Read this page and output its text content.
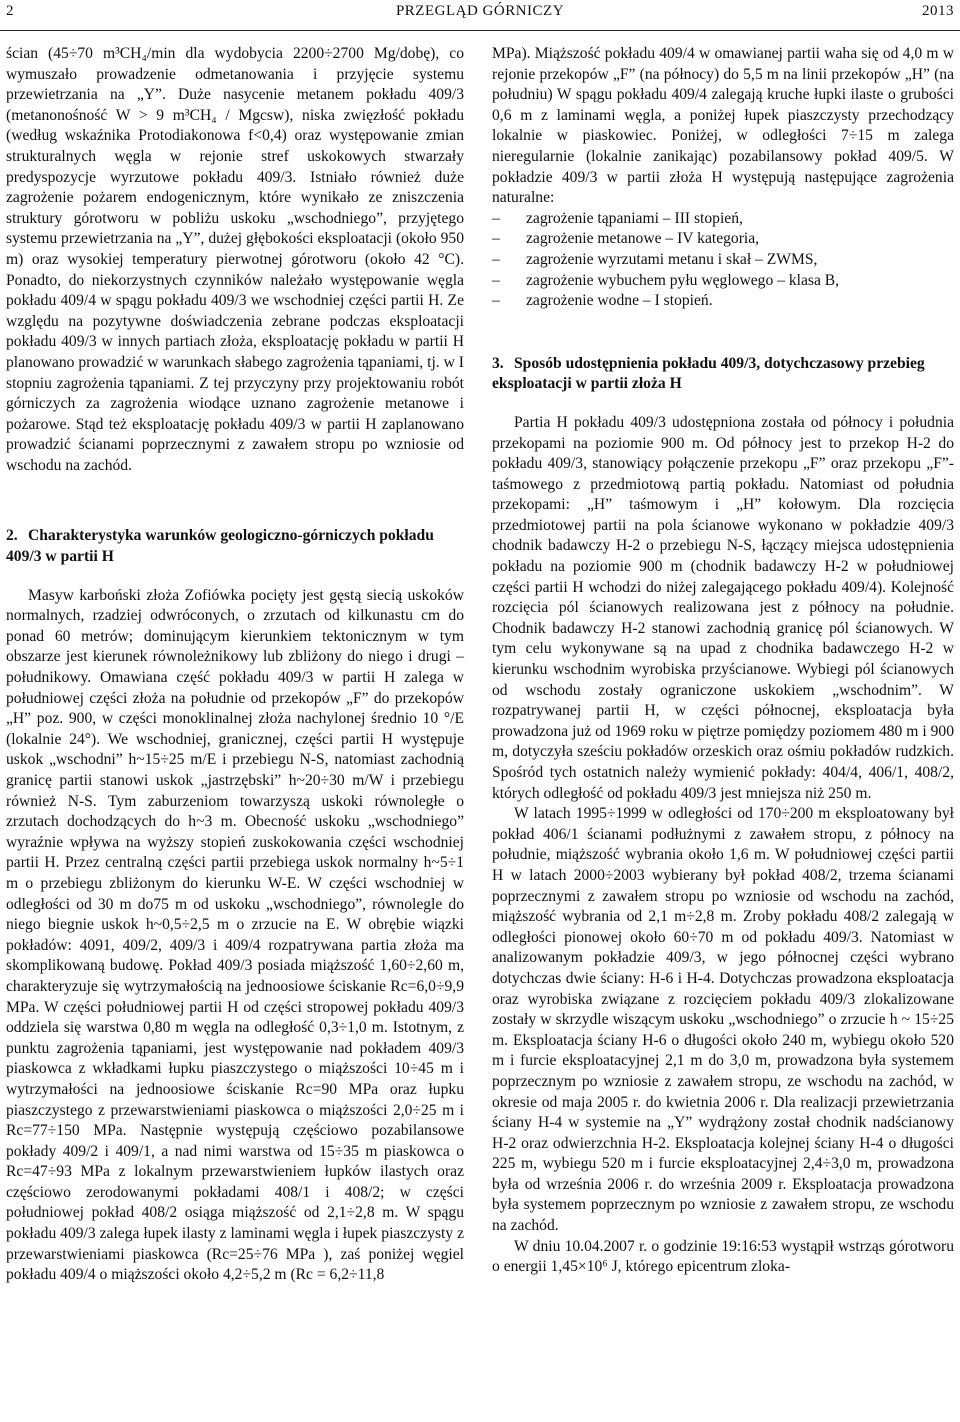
2	PRZEGLĄD GÓRNICZY	2013

ścian (45÷70 m³CH₄/min dla wydobycia 2200÷2700 Mg/dobę), co wymuszało prowadzenie odmetanowania i przyjęcie systemu przewietrzania na „Y”. Duże nasycenie metanem pokładu 409/3 (metanonośność W > 9 m³CH₄ / Mgcsw), niska zwięzłość pokładu (według wskaźnika Protodiakonowa f<0,4) oraz występowanie zmian strukturalnych węgla w rejonie stref uskokowych stwarzały predyspozycje wyrzutowe pokładu 409/3. Istniało również duże zagrożenie pożarem endogenicznym, które wynikało ze zniszczenia struktury górotworu w pobliżu uskoku „wschodniego”, przyjętego systemu przewietrzania na „Y”, dużej głębokości eksploatacji (około 950 m) oraz wysokiej temperatury pierwotnej górotworu (około 42 °C). Ponadto, do niekorzystnych czynników należało występowanie węgla pokładu 409/4 w spągu pokładu 409/3 we wschodniej części partii H. Ze względu na pozytywne doświadczenia zebrane podczas eksploatacji pokładu 409/3 w innych partiach złoża, eksploatację pokładu w partii H planowano prowadzić w warunkach słabego zagrożenia tąpaniami, tj. w I stopniu zagrożenia tąpaniami. Z tej przyczyny przy projektowaniu robót górniczych za zagrożenia wiodące uznano zagrożenie metanowe i pożarowe. Stąd też eksploatację pokładu 409/3 w partii H zaplanowano prowadzić ścianami poprzecznymi z zawałem stropu po wzniosie od wschodu na zachód.

2. Charakterystyka warunków geologiczno-górniczych pokładu 409/3 w partii H

Masyw karboński złoża Zofiówka pocięty jest gęstą siecią uskoków normalnych, rzadziej odwróconych, o zrzutach od kilkunastu cm do ponad 60 metrów; dominującym kierunkiem tektonicznym w tym obszarze jest kierunek równoleżnikowy lub zbliżony do niego i drugi – południkowy. Omawiana część pokładu 409/3 w partii H zalega w południowej części złoża na południe od przekopów „F” do przekopów „H” poz. 900, w części monoklinalnej złoża nachylonej średnio 10 °/E (lokalnie 24°). We wschodniej, granicznej, części partii H występuje uskok „wschodni” h~15÷25 m/E i przebiegu N-S, natomiast zachodnią granicę partii stanowi uskok „jastrzębski” h~20÷30 m/W i przebiegu również N-S. Tym zaburzeniom towarzyszą uskoki równoległe o zrzutach dochodzących do h~3 m. Obecność uskoku „wschodniego” wyraźnie wpływa na wyższy stopień zuskokowania części wschodniej partii H. Przez centralną części partii przebiega uskok normalny h~5÷1 m o przebiegu zbliżonym do kierunku W-E. W części wschodniej w odległości od 30 m do75 m od uskoku „wschodniego”, równolegle do niego biegnie uskok h~0,5÷2,5 m o zrzucie na E. W obrębie wiązki pokładów: 4091, 409/2, 409/3 i 409/4 rozpatrywana partia złoża ma skomplikowaną budowę. Pokład 409/3 posiada miąższość 1,60÷2,60 m, charakteryzuje się wytrzymałością na jednoosiowe ściskanie Rc=6,0÷9,9 MPa. W części południowej partii H od części stropowej pokładu 409/3 oddziela się warstwa 0,80 m węgla na odległość 0,3÷1,0 m. Istotnym, z punktu zagrożenia tąpaniami, jest występowanie nad pokładem 409/3 piaskowca z wkładkami łupku piaszczystego o miąższości 10÷45 m i wytrzymałości na jednoosiowe ściskanie Rc=90 MPa oraz łupku piaszczystego z przewarstwieniami piaskowca o miąższości 2,0÷25 m i Rc=77÷150 MPa. Następnie występują częściowo pozabilansowe pokłady 409/2 i 409/1, a nad nimi warstwa od 15÷35 m piaskowca o Rc=47÷93 MPa z lokalnym przewarstwieniem łupków ilastych oraz częściowo zerodowanymi pokładami 408/1 i 408/2; w części południowej pokład 408/2 osiąga miąższość od 2,1÷2,8 m. W spągu pokładu 409/3 zalega łupek ilasty z laminami węgla i łupek piaszczysty z przewarstwieniami piaskowca (Rc=25÷76 MPa ), zaś poniżej węgiel pokładu 409/4 o miąższości około 4,2÷5,2 m (Rc = 6,2÷11,8

MPa). Miąższość pokładu 409/4 w omawianej partii waha się od 4,0 m w rejonie przekopów „F” (na północy) do 5,5 m na linii przekopów „H” (na południu) W spągu pokładu 409/4 zalegają kruche łupki ilaste o grubości 0,6 m z laminami węgla, a poniżej łupek piaszczysty przechodzący lokalnie w piaskowiec. Poniżej, w odległości 7÷15 m zalega nieregularnie (lokalnie zanikając) pozabilansowy pokład 409/5. W pokładzie 409/3 w partii złoża H występują następujące zagrożenia naturalne:

– zagrożenie tąpaniami – III stopień,
– zagrożenie metanowe – IV kategoria,
– zagrożenie wyrzutami metanu i skał – ZWMS,
– zagrożenie wybuchem pyłu węglowego – klasa B,
– zagrożenie wodne – I stopień.
3. Sposób udostępnienia pokładu 409/3, dotychczasowy przebieg eksploatacji w partii złoża H

Partia H pokładu 409/3 udostępniona została od północy i południa przekopami na poziomie 900 m. Od północy jest to przekop H-2 do pokładu 409/3, stanowiący połączenie przekopu „F” oraz przekopu „F”- taśmowego z przedmiotową partią pokładu. Natomiast od południa przekopami: „H” taśmowym i „H” kołowym. Dla rozcięcia przedmiotowej partii na pola ścianowe wykonano w pokładzie 409/3 chodnik badawczy H-2 o przebiegu N-S, łączący miejsca udostępnienia pokładu na poziomie 900 m (chodnik badawczy H-2 w południowej części partii H wchodzi do niżej zalegającego pokładu 409/4). Kolejność rozcięcia pól ścianowych realizowana jest z północy na południe. Chodnik badawczy H-2 stanowi zachodnią granicę pól ścianowych. W tym celu wykonywane są na upad z chodnika badawczego H-2 w kierunku wschodnim wyrobiska przyścianowe. Wybiegi pól ścianowych od wschodu zostały ograniczone uskokiem „wschodnim”. W rozpatrywanej partii H, w części północnej, eksploatacja była prowadzona już od 1969 roku w piętrze pomiędzy poziomem 480 m i 900 m, dotyczyła sześciu pokładów orzeskich oraz ośmiu pokładów rudzkich. Spośród tych ostatnich należy wymienić pokłady: 404/4, 406/1, 408/2, których odległość od pokładu 409/3 jest mniejsza niż 250 m.

W latach 1995÷1999 w odległości od 170÷200 m eksploatowany był pokład 406/1 ścianami podłużnymi z zawałem stropu, z północy na południe, miąższość wybrania około 1,6 m. W południowej części partii H w latach 2000÷2003 wybierany był pokład 408/2, trzema ścianami poprzecznymi z zawałem stropu po wzniosie od wschodu na zachód, miąższość wybrania od 2,1 m÷2,8 m. Zroby pokładu 408/2 zalegają w odległości pionowej około 60÷70 m od pokładu 409/3. Natomiast w analizowanym pokładzie 409/3, w jego północnej części wybrano dotychczas dwie ściany: H-6 i H-4. Dotychczas prowadzona eksploatacja oraz wyrobiska związane z rozcięciem pokładu 409/3 zlokalizowane zostały w skrzydle wiszącym uskoku „wschodniego” o zrzucie h ~ 15÷25 m. Eksploatacja ściany H-6 o długości około 240 m, wybiegu około 520 m i furcie eksploatacyjnej 2,1 m do 3,0 m, prowadzona była systemem poprzecznym po wzniosie z zawałem stropu, ze wschodu na zachód, w okresie od maja 2005 r. do kwietnia 2006 r. Dla realizacji przewietrzania ściany H-4 w systemie na „Y” wydrążony został chodnik nadścianowy H-2 oraz odwierzchnia H-2. Eksploatacja kolejnej ściany H-4 o długości 225 m, wybiegu 520 m i furcie eksploatacyjnej 2,4÷3,0 m, prowadzona była od września 2006 r. do września 2009 r. Eksploatacja prowadzona była systemem poprzecznym po wzniosie z zawałem stropu, ze wschodu na zachód.

W dniu 10.04.2007 r. o godzinie 19:16:53 wystąpił wstrząs górotworu o energii 1,45×10⁶ J, którego epicentrum zloka-
